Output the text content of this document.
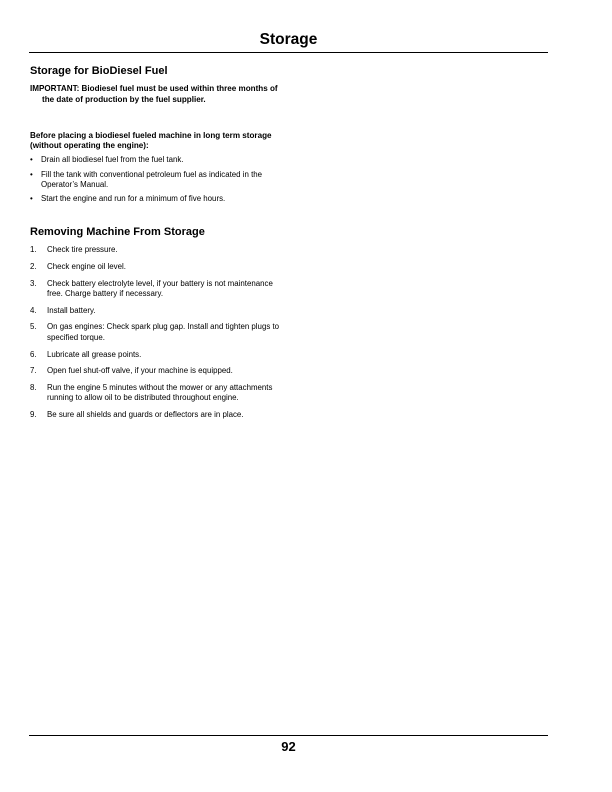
Storage
Storage for BioDiesel Fuel

IMPORTANT: Biodiesel fuel must be used within three months of the date of production by the fuel supplier.

Before placing a biodiesel fueled machine in long term storage (without operating the engine):

• Drain all biodiesel fuel from the fuel tank.
• Fill the tank with conventional petroleum fuel as indicated in the Operator’s Manual.
• Start the engine and run for a minimum of five hours.
Removing Machine From Storage
1. Check tire pressure.
2. Check engine oil level.
3. Check battery electrolyte level, if your battery is not maintenance free. Charge battery if necessary.
4. Install battery.
5. On gas engines: Check spark plug gap. Install and tighten plugs to specified torque.
6. Lubricate all grease points.
7. Open fuel shut-off valve, if your machine is equipped.
8. Run the engine 5 minutes without the mower or any attachments running to allow oil to be distributed throughout engine.
9. Be sure all shields and guards or deflectors are in place.
92
